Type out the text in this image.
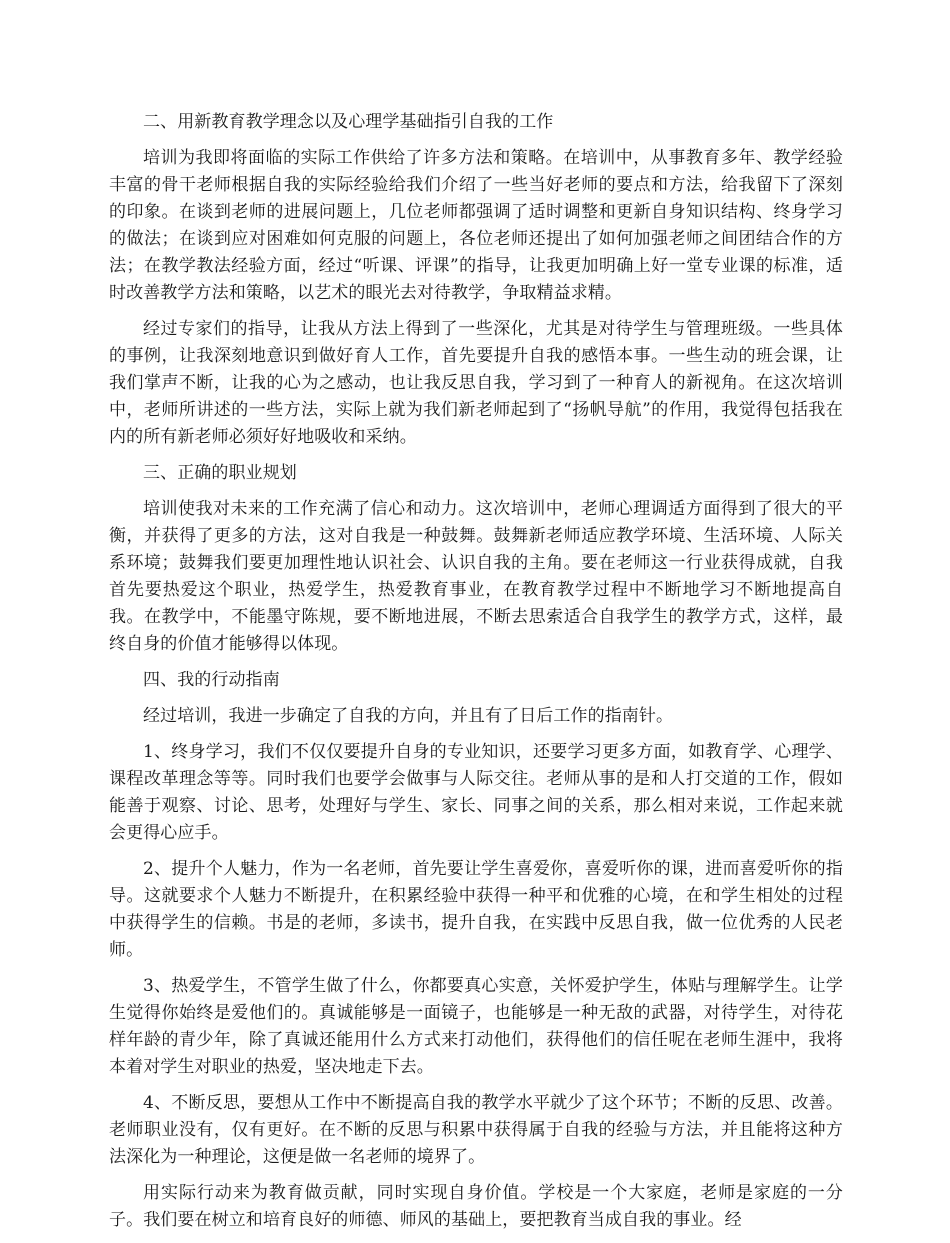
二、用新教育教学理念以及心理学基础指引自我的工作

培训为我即将面临的实际工作供给了许多方法和策略。在培训中，从事教育多年、教学经验丰富的骨干老师根据自我的实际经验给我们介绍了一些当好老师的要点和方法，给我留下了深刻的印象。在谈到老师的进展问题上，几位老师都强调了适时调整和更新自身知识结构、终身学习的做法；在谈到应对困难如何克服的问题上，各位老师还提出了如何加强老师之间团结合作的方法；在教学教法经验方面，经过“听课、评课”的指导，让我更加明确上好一堂专业课的标准，适时改善教学方法和策略，以艺术的眼光去对待教学，争取精益求精。

经过专家们的指导，让我从方法上得到了一些深化，尤其是对待学生与管理班级。一些具体的事例，让我深刻地意识到做好育人工作，首先要提升自我的感悟本事。一些生动的班会课，让我们掌声不断，让我的心为之感动，也让我反思自我，学习到了一种育人的新视角。在这次培训中，老师所讲述的一些方法，实际上就为我们新老师起到了“扬帆导航”的作用，我觉得包括我在内的所有新老师必须好好地吸收和采纳。

三、正确的职业规划

培训使我对未来的工作充满了信心和动力。这次培训中，老师心理调适方面得到了很大的平衡，并获得了更多的方法，这对自我是一种鼓舞。鼓舞新老师适应教学环境、生活环境、人际关系环境；鼓舞我们要更加理性地认识社会、认识自我的主角。要在老师这一行业获得成就，自我首先要热爱这个职业，热爱学生，热爱教育事业，在教育教学过程中不断地学习不断地提高自我。在教学中，不能墨守陈规，要不断地进展，不断去思索适合自我学生的教学方式，这样，最终自身的价值才能够得以体现。

四、我的行动指南

经过培训，我进一步确定了自我的方向，并且有了日后工作的指南针。

1、终身学习，我们不仅仅要提升自身的专业知识，还要学习更多方面，如教育学、心理学、课程改革理念等等。同时我们也要学会做事与人际交往。老师从事的是和人打交道的工作，假如能善于观察、讨论、思考，处理好与学生、家长、同事之间的关系，那么相对来说，工作起来就会更得心应手。

2、提升个人魅力，作为一名老师，首先要让学生喜爱你，喜爱听你的课，进而喜爱听你的指导。这就要求个人魅力不断提升，在积累经验中获得一种平和优雅的心境，在和学生相处的过程中获得学生的信赖。书是的老师，多读书，提升自我，在实践中反思自我，做一位优秀的人民老师。

3、热爱学生，不管学生做了什么，你都要真心实意，关怀爱护学生，体贴与理解学生。让学生觉得你始终是爱他们的。真诚能够是一面镜子，也能够是一种无敌的武器，对待学生，对待花样年龄的青少年，除了真诚还能用什么方式来打动他们，获得他们的信任呢在老师生涯中，我将本着对学生对职业的热爱，坚决地走下去。

4、不断反思，要想从工作中不断提高自我的教学水平就少了这个环节；不断的反思、改善。老师职业没有，仅有更好。在不断的反思与积累中获得属于自我的经验与方法，并且能将这种方法深化为一种理论，这便是做一名老师的境界了。

用实际行动来为教育做贡献，同时实现自身价值。学校是一个大家庭，老师是家庭的一分子。我们要在树立和培育良好的师德、师风的基础上，要把教育当成自我的事业。经
